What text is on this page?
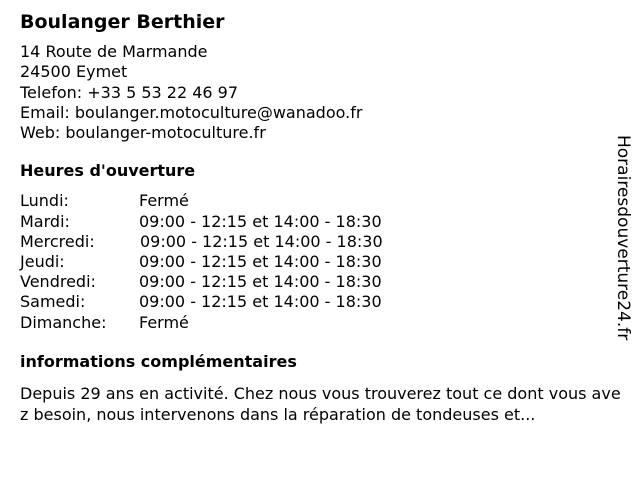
Boulanger Berthier
14 Route de Marmande
24500 Eymet
Telefon: +33 5 53 22 46 97
Email: boulanger.motoculture@wanadoo.fr
Web: boulanger-motoculture.fr
Heures d'ouverture
Lundi:	Fermé
Mardi:	09:00 - 12:15 et 14:00 - 18:30
Mercredi:	09:00 - 12:15 et 14:00 - 18:30
Jeudi:	09:00 - 12:15 et 14:00 - 18:30
Vendredi:	09:00 - 12:15 et 14:00 - 18:30
Samedi:	09:00 - 12:15 et 14:00 - 18:30
Dimanche: Fermé
informations complémentaires
Depuis 29 ans en activité. Chez nous vous trouverez tout ce dont vous avez besoin, nous intervenons dans la réparation de tondeuses et...
Horairesdouverture24.fr
